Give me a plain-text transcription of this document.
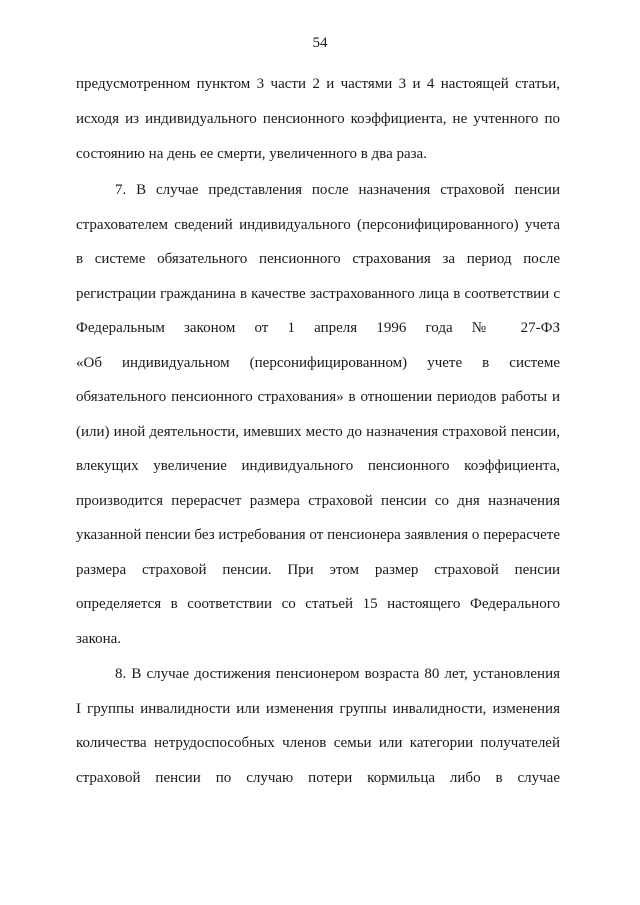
54
предусмотренном пунктом 3 части 2 и частями 3 и 4 настоящей статьи,
исходя из индивидуального пенсионного коэффициента, не учтенного по
состоянию на день ее смерти, увеличенного в два раза.
7. В случае представления после назначения страховой пенсии
страхователем сведений индивидуального (персонифицированного) учета
в системе обязательного пенсионного страхования за период после
регистрации гражданина в качестве застрахованного лица в соответствии с
Федеральным законом от 1 апреля 1996 года № 27-ФЗ
«Об индивидуальном (персонифицированном) учете в системе
обязательного пенсионного страхования» в отношении периодов работы и
(или) иной деятельности, имевших место до назначения страховой пенсии,
влекущих увеличение индивидуального пенсионного коэффициента,
производится перерасчет размера страховой пенсии со дня назначения
указанной пенсии без истребования от пенсионера заявления о перерасчете
размера страховой пенсии. При этом размер страховой пенсии
определяется в соответствии со статьей 15 настоящего Федерального
закона.
8. В случае достижения пенсионером возраста 80 лет, установления
I группы инвалидности или изменения группы инвалидности, изменения
количества нетрудоспособных членов семьи или категории получателей
страховой пенсии по случаю потери кормильца либо в случае
